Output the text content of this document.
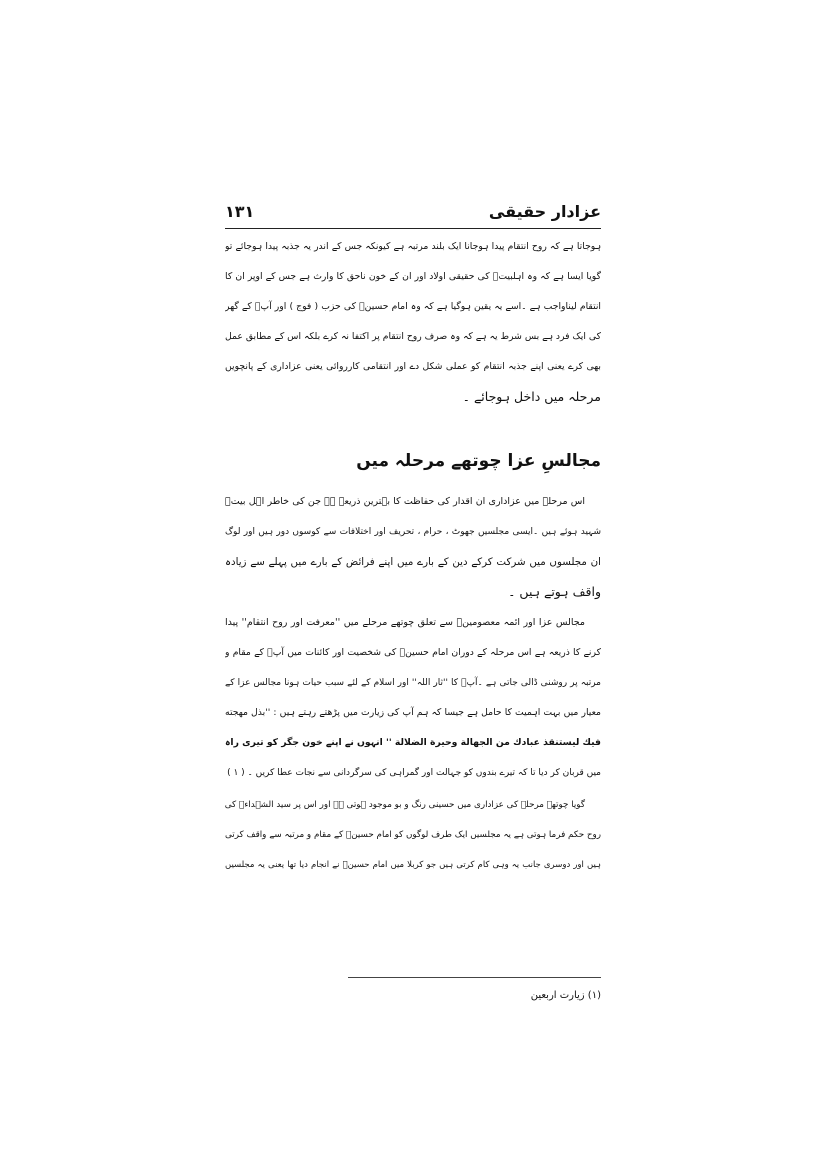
عزادار حقیقی
۱۳۱
ہوجاتا ہے کہ روح انتقام پیدا ہوجانا ایک بلند مرتبہ ہے کیونکہ جس کے اندر یہ جذبہ پیدا ہوجائے تو
گویا ایسا ہے کہ وہ اہلبیتؑ کی حقیقی اولاد اور ان کے خون ناحق کا وارث ہے جس کے اوپر ان کا
انتقام لیناواجب ہے ۔اسے یہ یقین ہوگیا ہے کہ وہ امام حسینؑ کی حزب ( فوج ) اور آپؑ کے گھر
کی ایک فرد ہے بس شرط یہ ہے کہ وہ صرف روح انتقام پر اکتفا نہ کرے بلکہ اس کے مطابق عمل
بھی کرے یعنی اپنے جذبہ انتقام کو عملی شکل دے اور انتقامی کارروائی یعنی عزاداری کے پانچویں
مرحلہ میں داخل ہوجائے ۔
مجالسِ عزا چوتھے مرحلہ میں
اس مرحلہ میں عزاداری ان اقدار کی حفاظت کا بہترین ذریعہ ہے جن کی خاطر اہل بیتؑ
شہید ہوئے ہیں ۔ایسی مجلسیں جھوٹ ، حرام ، تحریف اور اختلافات سے کوسوں دور ہیں اور لوگ
ان مجلسوں میں شرکت کرکے دین کے بارے میں اپنے فرائض کے بارے میں پہلے سے زیادہ
واقف ہوتے ہیں ۔
مجالس عزا اور ائمہ معصومینؑ سے تعلق چوتھے مرحلے میں ''معرفت اور روح انتقام'' پیدا
کرنے کا ذریعہ ہے اس مرحلہ کے دوران امام حسینؑ کی شخصیت اور کائنات میں آپؑ کے مقام و
مرتبہ پر روشنی ڈالی جاتی ہے ۔آپؑ کا ''ثار اللہ'' اور اسلام کے لئے سبب حیات ہونا مجالس عزا کے
معیار میں بہت اہمیت کا حامل ہے جیسا کہ ہم آپ کی زیارت میں پڑھتے رہتے ہیں : ''بذل مهجته
فيك ليستنقذ عبادك من الجهالة وحيرة الضلالة '' انہوں نے اپنے خون جگر کو تیری راہ
میں قربان کر دیا تا کہ تیرے بندوں کو جہالت اور گمراہی کی سرگردانی سے نجات عطا کریں ۔ ( ۱ )
گویا چوتھے مرحلہ کی عزاداری میں حسینی رنگ و بو موجود ہوتی ہے اور اس پر سید الشہداءؑ کی
روح حکم فرما ہوتی ہے یہ مجلسیں ایک طرف لوگوں کو امام حسینؑ کے مقام و مرتبہ سے واقف کرتی
ہیں اور دوسری جانب یہ وہی کام کرتی ہیں جو کربلا میں امام حسینؑ نے انجام دیا تھا یعنی یہ مجلسیں
(۱) زیارت اربعین
